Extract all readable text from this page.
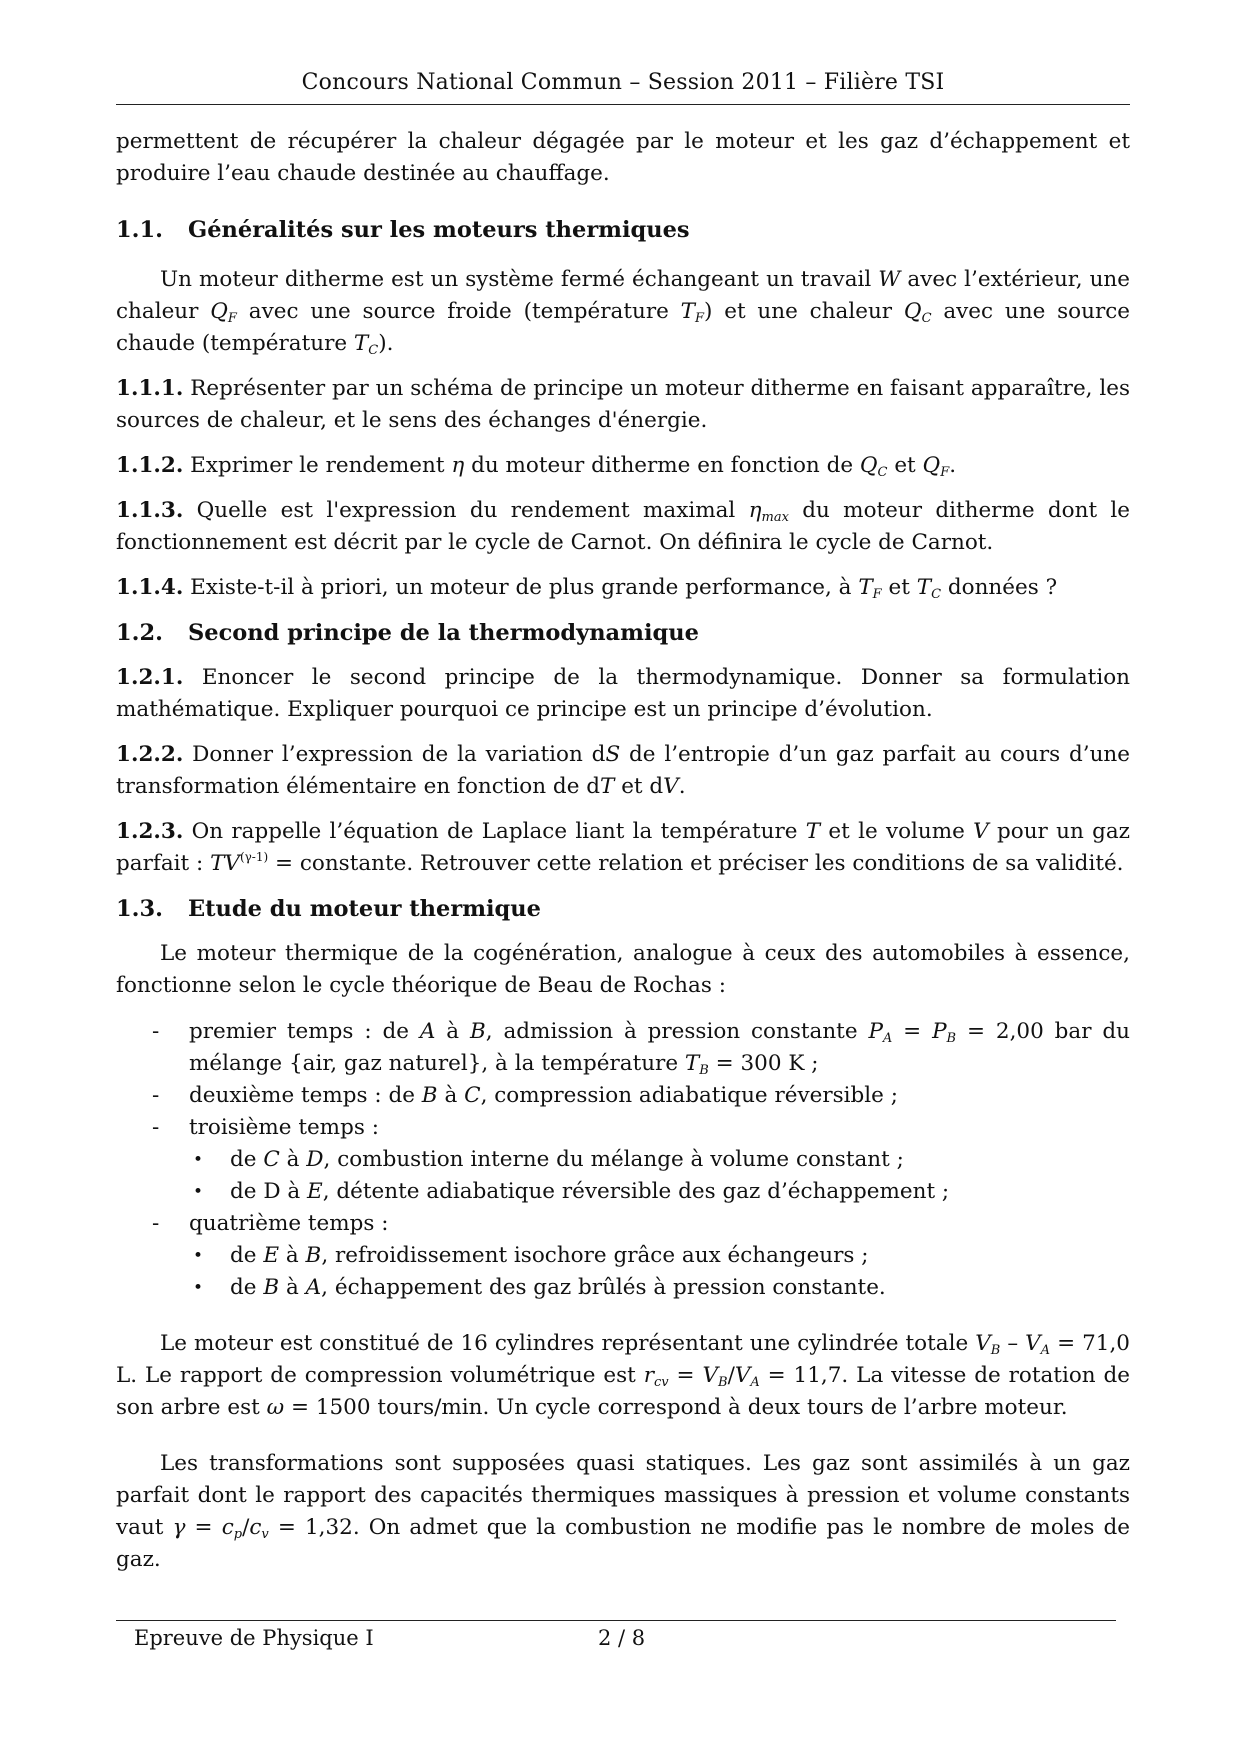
Concours National Commun – Session 2011 – Filière TSI

permettent de récupérer la chaleur dégagée par le moteur et les gaz d’échappement et produire l’eau chaude destinée au chauffage.

1.1. Généralités sur les moteurs thermiques

Un moteur ditherme est un système fermé échangeant un travail W avec l’extérieur, une chaleur $Q_F$ avec une source froide (température $T_F$) et une chaleur $Q_C$ avec une source chaude (température $T_C$).

1.1.1. Représenter par un schéma de principe un moteur ditherme en faisant apparaître, les sources de chaleur, et le sens des échanges d'énergie.

1.1.2. Exprimer le rendement η du moteur ditherme en fonction de $Q_C$ et $Q_F$.

1.1.3. Quelle est l'expression du rendement maximal $\eta_{max}$ du moteur ditherme dont le fonctionnement est décrit par le cycle de Carnot. On définira le cycle de Carnot.

1.1.4. Existe-t-il à priori, un moteur de plus grande performance, à $T_F$ et $T_C$ données ?

1.2. Second principe de la thermodynamique

1.2.1. Enoncer le second principe de la thermodynamique. Donner sa formulation mathématique. Expliquer pourquoi ce principe est un principe d’évolution.

1.2.2. Donner l’expression de la variation dS de l’entropie d’un gaz parfait au cours d’une transformation élémentaire en fonction de dT et dV.

1.2.3. On rappelle l’équation de Laplace liant la température T et le volume V pour un gaz parfait : $TV^{(\gamma-1)}$ = constante. Retrouver cette relation et préciser les conditions de sa validité.

1.3. Etude du moteur thermique

Le moteur thermique de la cogénération, analogue à ceux des automobiles à essence, fonctionne selon le cycle théorique de Beau de Rochas :

- premier temps : de A à B, admission à pression constante $P_A = P_B = 2,00$ bar du mélange {air, gaz naturel}, à la température $T_B = 300$ K ;
- deuxième temps : de B à C, compression adiabatique réversible ;
- troisième temps :
• de C à D, combustion interne du mélange à volume constant ;
• de D à E, détente adiabatique réversible des gaz d’échappement ;
- quatrième temps :
• de E à B, refroidissement isochore grâce aux échangeurs ;
• de B à A, échappement des gaz brûlés à pression constante.

Le moteur est constitué de 16 cylindres représentant une cylindrée totale $V_B - V_A = 71,0$ L. Le rapport de compression volumétrique est $r_{cv} = V_B/V_A = 11,7$. La vitesse de rotation de son arbre est ω = 1500 tours/min. Un cycle correspond à deux tours de l’arbre moteur.

Les transformations sont supposées quasi statiques. Les gaz sont assimilés à un gaz parfait dont le rapport des capacités thermiques massiques à pression et volume constants vaut $\gamma = c_p/c_v = 1,32$. On admet que la combustion ne modifie pas le nombre de moles de gaz.

Epreuve de Physique I	2 / 8
